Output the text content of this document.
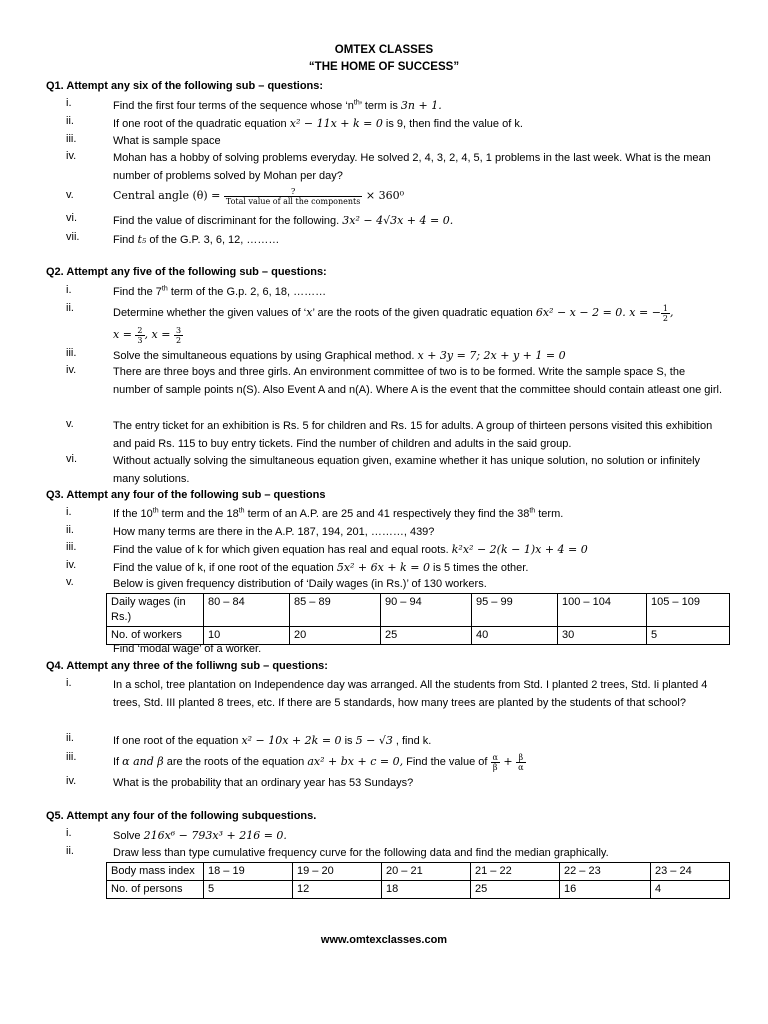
OMTEX CLASSES
“THE HOME OF SUCCESS”
Q1. Attempt any six of the following sub – questions:
i.	Find the first four terms of the sequence whose ‘$n^{th}$’ term is 3n + 1.
ii.	If one root of the quadratic equation x² − 11x + k = 0 is 9, then find the value of k.
iii.	What is sample space
iv.	Mohan has a hobby of solving problems everyday. He solved 2, 4, 3, 2, 4, 5, 1 problems in the last week. What is the mean number of problems solved by Mohan per day?
v.	Central angle $(\theta) = \frac{?}{\text{Total value of all the components}} \times 360^0$
vi.	Find the value of discriminant for the following. 3x² − 4√3x + 4 = 0.
vii.	Find t₅ of the G.P. 3, 6, 12, ………
Q2. Attempt any five of the following sub – questions:
i.	Find the 7th term of the G.p. 2, 6, 18, ………
ii.	Determine whether the given values of ‘x’ are the roots of the given quadratic equation 6x² − x − 2 = 0. x = − $\frac{1}{2}$ ,
$x = \frac{2}{3}$ , $x = \frac{3}{2}$
iii.	Solve the simultaneous equations by using Graphical method. x + 3y = 7; 2x + y + 1 = 0
iv.	There are three boys and three girls. An environment committee of two is to be formed. Write the sample space S, the number of sample points n(S). Also Event A and n(A). Where A is the event that the committee should contain atleast one girl.
v.	The entry ticket for an exhibition is Rs. 5 for children and Rs. 15 for adults. A group of thirteen persons visited this exhibition and paid Rs. 115 to buy entry tickets. Find the number of children and adults in the said group.
vi.	Without actually solving the simultaneous equation given, examine whether it has unique solution, no solution or infinitely many solutions.
Q3. Attempt any four of the following sub – questions
i.	If the 10th term and the 18th term of an A.P. are 25 and 41 respectively they find the 38th term.
ii.	How many terms are there in the A.P. 187, 194, 201, ………, 439?
iii.	Find the value of k for which given equation has real and equal roots. k²x² − 2(k − 1)x + 4 = 0
iv.	Find the value of k, if one root of the equation 5x² + 6x + k = 0 is 5 times the other.
v.	Below is given frequency distribution of ‘Daily wages (in Rs.)’ of 130 workers.
Daily wages (in Rs.)	80 – 84	85 – 89	90 – 94	95 – 99	100 – 104	105 – 109
No. of workers	10	20	25	40	30	5
Find ‘modal wage’ of a worker.
Q4. Attempt any three of the folliwng sub – questions:
i.	In a schol, tree plantation on Independence day was arranged. All the students from Std. I planted 2 trees, Std. Ii planted 4 trees, Std. III planted 8 trees, etc. If there are 5 standards, how many trees are planted by the students of that school?
ii.	If one root of the equation x² − 10x + 2k = 0 is 5 − √3 , find k.
iii.	If α and β are the roots of the equation ax² + bx + c = 0, Find the value of $\frac{\alpha}{\beta} + \frac{\beta}{\alpha}$
iv.	What is the probability that an ordinary year has 53 Sundays?
Q5. Attempt any four of the following subquestions.
i.	Solve 216x⁶ − 793x³ + 216 = 0.
ii.	Draw less than type cumulative frequency curve for the following data and find the median graphically.
Body mass index	18 – 19	19 – 20	20 – 21	21 – 22	22 – 23	23 – 24
No. of persons	5	12	18	25	16	4
www.omtexclasses.com
